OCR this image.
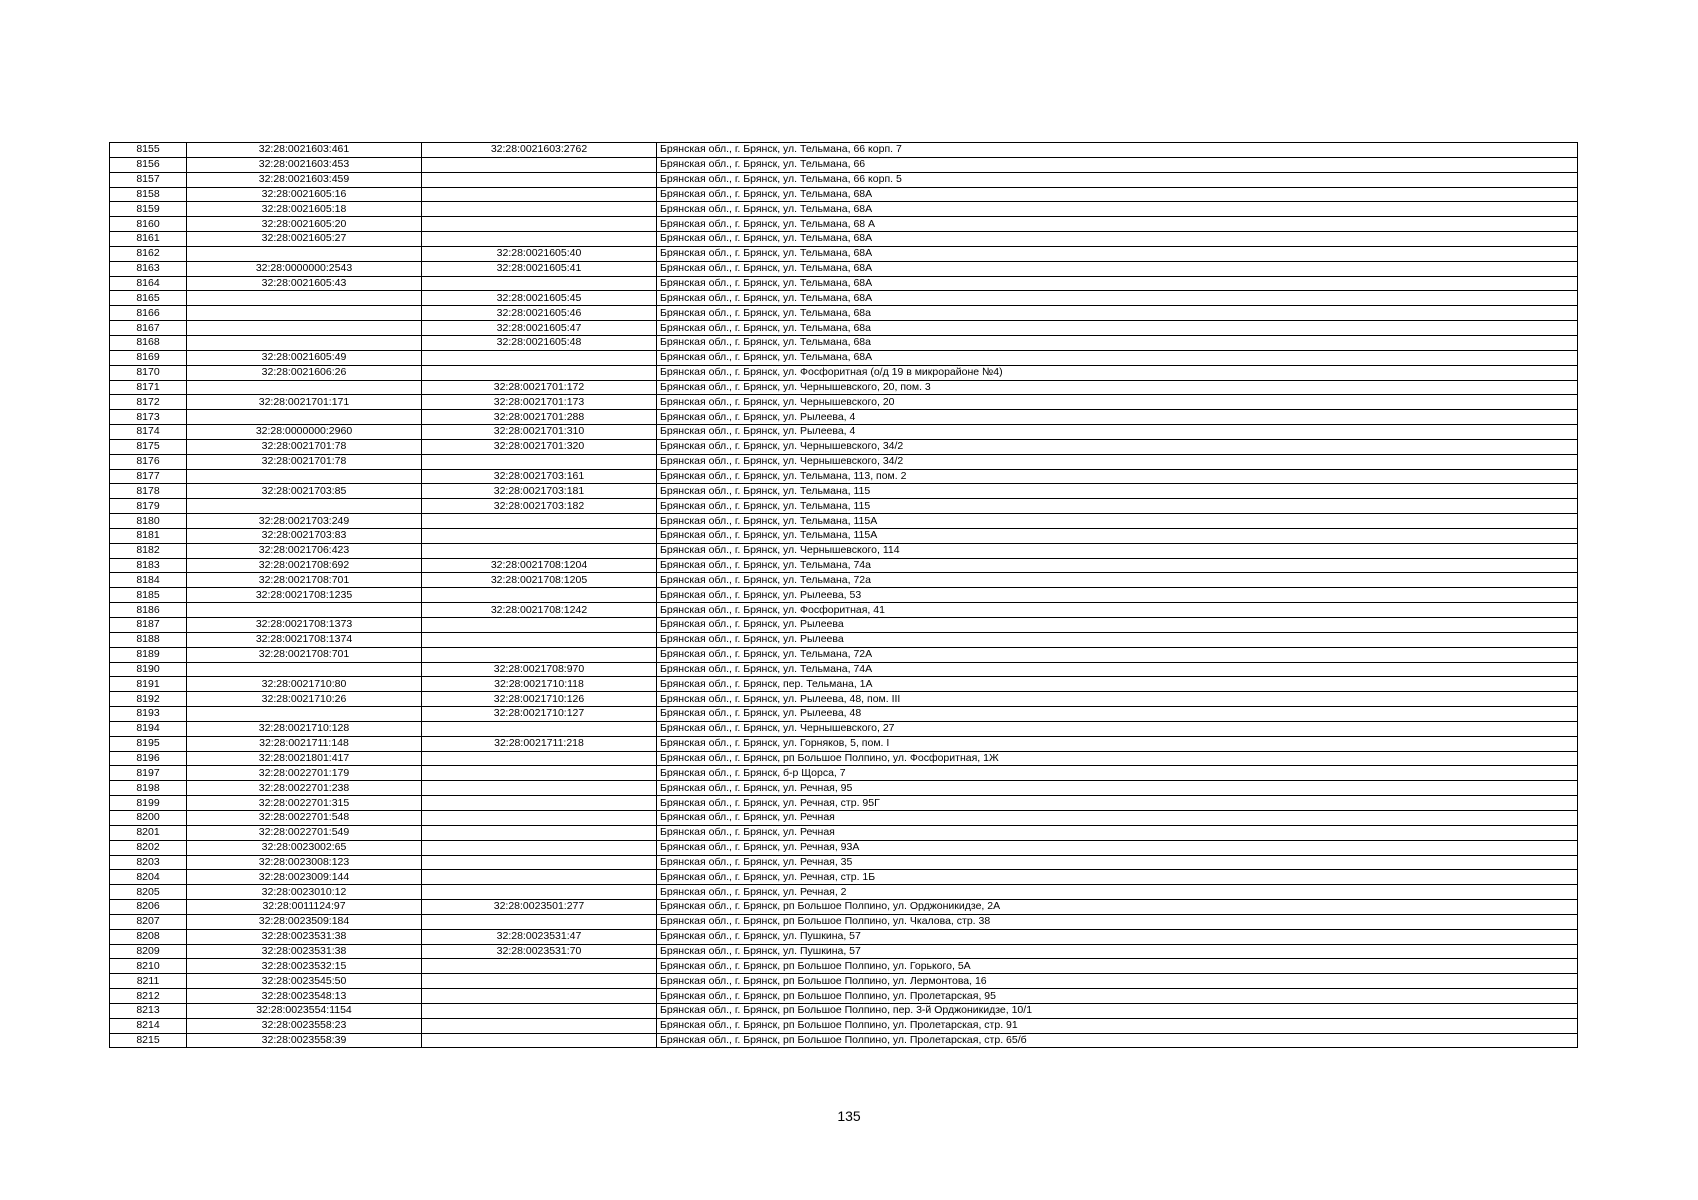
8155	32:28:0021603:461	32:28:0021603:2762	Брянская обл., г. Брянск, ул. Тельмана, 66 корп. 7
8156	32:28:0021603:453		Брянская обл., г. Брянск, ул. Тельмана, 66
8157	32:28:0021603:459		Брянская обл., г. Брянск, ул. Тельмана, 66 корп. 5
8158	32:28:0021605:16		Брянская обл., г. Брянск, ул. Тельмана, 68А
8159	32:28:0021605:18		Брянская обл., г. Брянск, ул. Тельмана, 68А
8160	32:28:0021605:20		Брянская обл., г. Брянск, ул. Тельмана, 68 А
8161	32:28:0021605:27		Брянская обл., г. Брянск, ул. Тельмана, 68А
8162		32:28:0021605:40	Брянская обл., г. Брянск, ул. Тельмана, 68А
8163	32:28:0000000:2543	32:28:0021605:41	Брянская обл., г. Брянск, ул. Тельмана, 68А
8164	32:28:0021605:43		Брянская обл., г. Брянск, ул. Тельмана, 68А
8165		32:28:0021605:45	Брянская обл., г. Брянск, ул. Тельмана, 68А
8166		32:28:0021605:46	Брянская обл., г. Брянск, ул. Тельмана, 68а
8167		32:28:0021605:47	Брянская обл., г. Брянск, ул. Тельмана, 68а
8168		32:28:0021605:48	Брянская обл., г. Брянск, ул. Тельмана, 68а
8169	32:28:0021605:49		Брянская обл., г. Брянск, ул. Тельмана, 68А
8170	32:28:0021606:26		Брянская обл., г. Брянск, ул. Фосфоритная (о/д 19 в микрорайоне №4)
8171		32:28:0021701:172	Брянская обл., г. Брянск, ул. Чернышевского, 20, пом. 3
8172	32:28:0021701:171	32:28:0021701:173	Брянская обл., г. Брянск, ул. Чернышевского, 20
8173		32:28:0021701:288	Брянская обл., г. Брянск, ул. Рылеева, 4
8174	32:28:0000000:2960	32:28:0021701:310	Брянская обл., г. Брянск, ул. Рылеева, 4
8175	32:28:0021701:78	32:28:0021701:320	Брянская обл., г. Брянск, ул. Чернышевского, 34/2
8176	32:28:0021701:78		Брянская обл., г. Брянск, ул. Чернышевского, 34/2
8177		32:28:0021703:161	Брянская обл., г. Брянск, ул. Тельмана, 113, пом. 2
8178	32:28:0021703:85	32:28:0021703:181	Брянская обл., г. Брянск, ул. Тельмана, 115
8179		32:28:0021703:182	Брянская обл., г. Брянск, ул. Тельмана, 115
8180	32:28:0021703:249		Брянская обл., г. Брянск, ул. Тельмана, 115А
8181	32:28:0021703:83		Брянская обл., г. Брянск, ул. Тельмана, 115А
8182	32:28:0021706:423		Брянская обл., г. Брянск, ул. Чернышевского, 114
8183	32:28:0021708:692	32:28:0021708:1204	Брянская обл., г. Брянск, ул. Тельмана, 74а
8184	32:28:0021708:701	32:28:0021708:1205	Брянская обл., г. Брянск, ул. Тельмана, 72а
8185	32:28:0021708:1235		Брянская обл., г. Брянск, ул. Рылеева, 53
8186		32:28:0021708:1242	Брянская обл., г. Брянск, ул. Фосфоритная, 41
8187	32:28:0021708:1373		Брянская обл., г. Брянск, ул. Рылеева
8188	32:28:0021708:1374		Брянская обл., г. Брянск, ул. Рылеева
8189	32:28:0021708:701		Брянская обл., г. Брянск, ул. Тельмана, 72А
8190		32:28:0021708:970	Брянская обл., г. Брянск, ул. Тельмана, 74А
8191	32:28:0021710:80	32:28:0021710:118	Брянская обл., г. Брянск, пер. Тельмана, 1А
8192	32:28:0021710:26	32:28:0021710:126	Брянская обл., г. Брянск, ул. Рылеева, 48, пом. III
8193		32:28:0021710:127	Брянская обл., г. Брянск, ул. Рылеева, 48
8194	32:28:0021710:128		Брянская обл., г. Брянск, ул. Чернышевского, 27
8195	32:28:0021711:148	32:28:0021711:218	Брянская обл., г. Брянск, ул. Горняков, 5, пом. I
8196	32:28:0021801:417		Брянская обл., г. Брянск, рп Большое Полпино, ул. Фосфоритная, 1Ж
8197	32:28:0022701:179		Брянская обл., г. Брянск, б-р Щорса, 7
8198	32:28:0022701:238		Брянская обл., г. Брянск, ул. Речная, 95
8199	32:28:0022701:315		Брянская обл., г. Брянск, ул. Речная, стр. 95Г
8200	32:28:0022701:548		Брянская обл., г. Брянск, ул. Речная
8201	32:28:0022701:549		Брянская обл., г. Брянск, ул. Речная
8202	32:28:0023002:65		Брянская обл., г. Брянск, ул. Речная, 93А
8203	32:28:0023008:123		Брянская обл., г. Брянск, ул. Речная, 35
8204	32:28:0023009:144		Брянская обл., г. Брянск, ул. Речная, стр. 1Б
8205	32:28:0023010:12		Брянская обл., г. Брянск, ул. Речная, 2
8206	32:28:0011124:97	32:28:0023501:277	Брянская обл., г. Брянск, рп Большое Полпино, ул. Орджоникидзе, 2А
8207	32:28:0023509:184		Брянская обл., г. Брянск, рп Большое Полпино, ул. Чкалова, стр. 38
8208	32:28:0023531:38	32:28:0023531:47	Брянская обл., г. Брянск, ул. Пушкина, 57
8209	32:28:0023531:38	32:28:0023531:70	Брянская обл., г. Брянск, ул. Пушкина, 57
8210	32:28:0023532:15		Брянская обл., г. Брянск, рп Большое Полпино, ул. Горького, 5А
8211	32:28:0023545:50		Брянская обл., г. Брянск, рп Большое Полпино, ул. Лермонтова, 16
8212	32:28:0023548:13		Брянская обл., г. Брянск, рп Большое Полпино, ул. Пролетарская, 95
8213	32:28:0023554:1154		Брянская обл., г. Брянск, рп Большое Полпино, пер. 3-й Орджоникидзе, 10/1
8214	32:28:0023558:23		Брянская обл., г. Брянск, рп Большое Полпино, ул. Пролетарская, стр. 91
8215	32:28:0023558:39		Брянская обл., г. Брянск, рп Большое Полпино, ул. Пролетарская, стр. 65/б
135
